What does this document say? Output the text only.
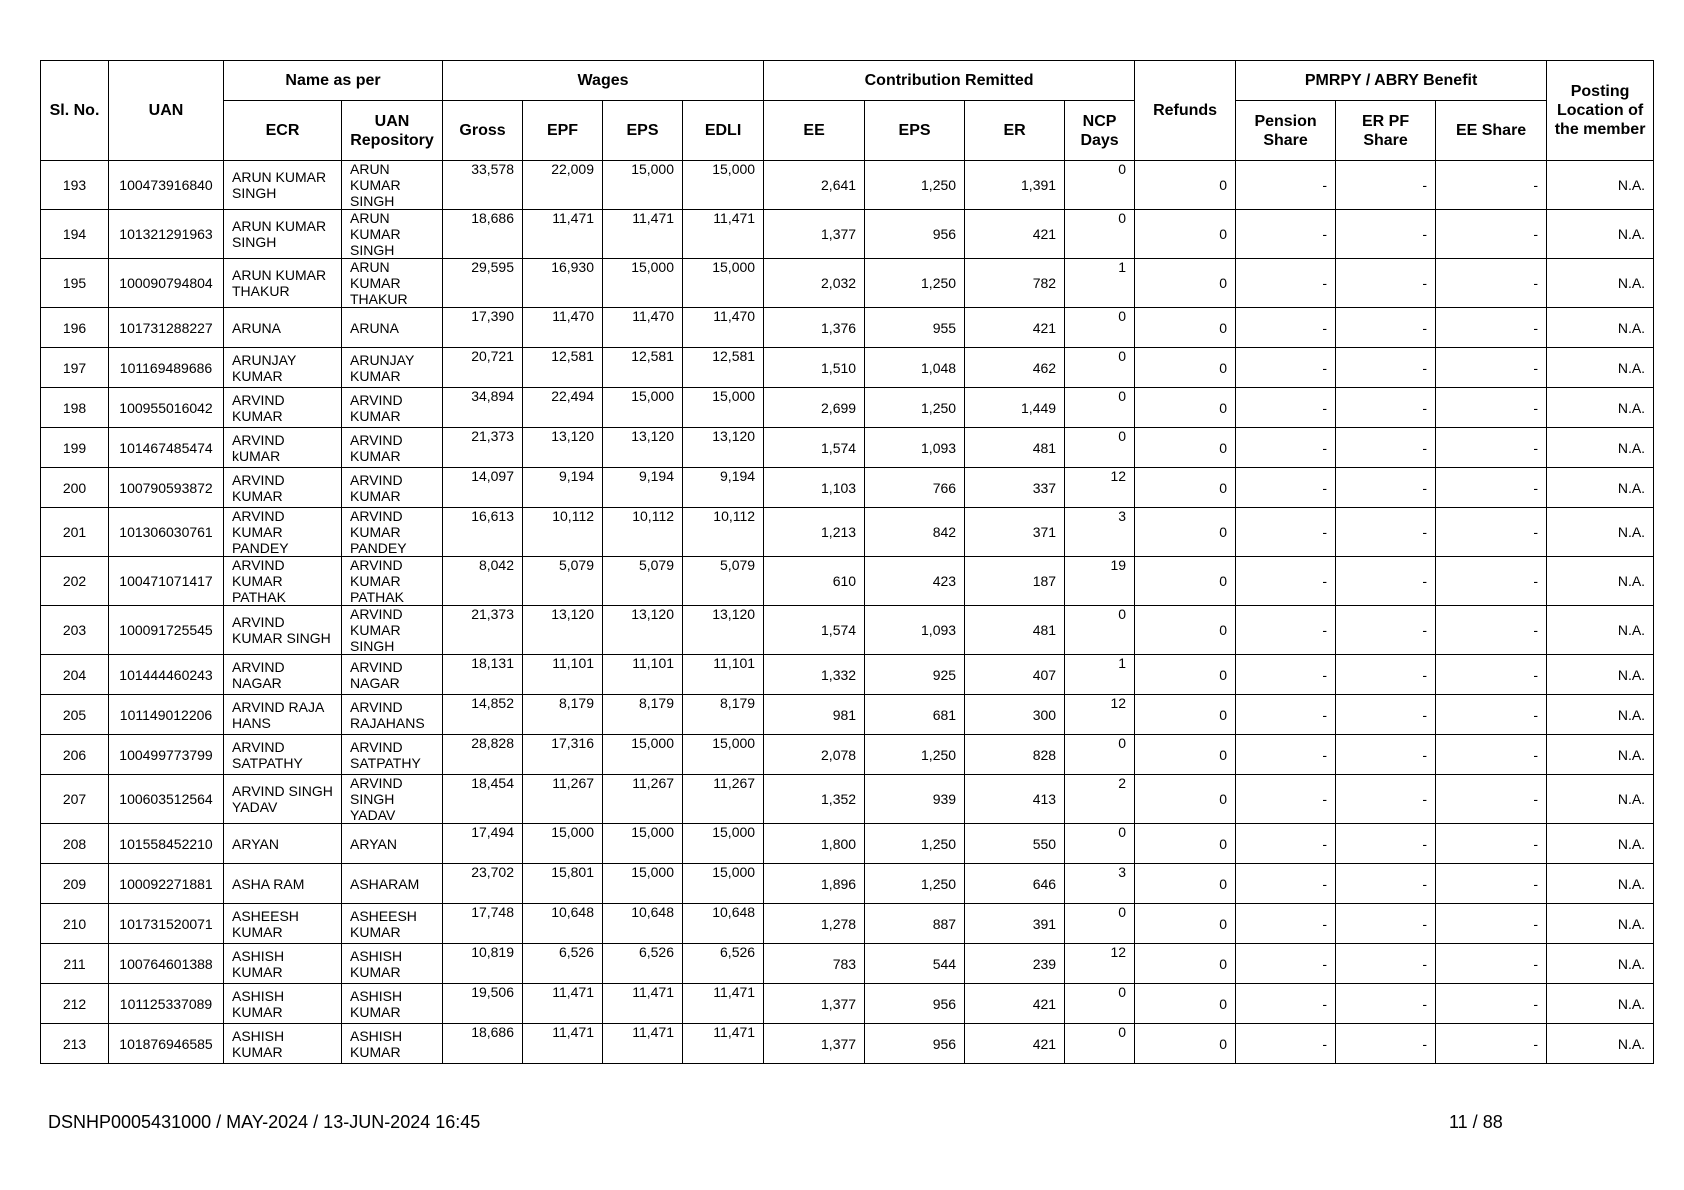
Sl. No.	UAN	Name as per		Wages				Contribution Remitted				Refunds	PMRPY / ABRY Benefit			Posting Location of the member
		ECR	UAN Repository	Gross	EPF	EPS	EDLI	EE	EPS	ER	NCP Days		Pension Share	ER PF Share	EE Share	
193	100473916840	ARUN KUMAR SINGH	ARUN KUMAR SINGH	33,578	22,009	15,000	15,000	2,641	1,250	1,391	0	0	-	-	-	N.A.
194	101321291963	ARUN KUMAR SINGH	ARUN KUMAR SINGH	18,686	11,471	11,471	11,471	1,377	956	421	0	0	-	-	-	N.A.
195	100090794804	ARUN KUMAR THAKUR	ARUN KUMAR THAKUR	29,595	16,930	15,000	15,000	2,032	1,250	782	1	0	-	-	-	N.A.
196	101731288227	ARUNA	ARUNA	17,390	11,470	11,470	11,470	1,376	955	421	0	0	-	-	-	N.A.
197	101169489686	ARUNJAY KUMAR	ARUNJAY KUMAR	20,721	12,581	12,581	12,581	1,510	1,048	462	0	0	-	-	-	N.A.
198	100955016042	ARVIND KUMAR	ARVIND KUMAR	34,894	22,494	15,000	15,000	2,699	1,250	1,449	0	0	-	-	-	N.A.
199	101467485474	ARVIND kUMAR	ARVIND KUMAR	21,373	13,120	13,120	13,120	1,574	1,093	481	0	0	-	-	-	N.A.
200	100790593872	ARVIND KUMAR	ARVIND KUMAR	14,097	9,194	9,194	9,194	1,103	766	337	12	0	-	-	-	N.A.
201	101306030761	ARVIND KUMAR PANDEY	ARVIND KUMAR PANDEY	16,613	10,112	10,112	10,112	1,213	842	371	3	0	-	-	-	N.A.
202	100471071417	ARVIND KUMAR PATHAK	ARVIND KUMAR PATHAK	8,042	5,079	5,079	5,079	610	423	187	19	0	-	-	-	N.A.
203	100091725545	ARVIND KUMAR SINGH	ARVIND KUMAR SINGH	21,373	13,120	13,120	13,120	1,574	1,093	481	0	0	-	-	-	N.A.
204	101444460243	ARVIND NAGAR	ARVIND NAGAR	18,131	11,101	11,101	11,101	1,332	925	407	1	0	-	-	-	N.A.
205	101149012206	ARVIND RAJA HANS	ARVIND RAJAHANS	14,852	8,179	8,179	8,179	981	681	300	12	0	-	-	-	N.A.
206	100499773799	ARVIND SATPATHY	ARVIND SATPATHY	28,828	17,316	15,000	15,000	2,078	1,250	828	0	0	-	-	-	N.A.
207	100603512564	ARVIND SINGH YADAV	ARVIND SINGH YADAV	18,454	11,267	11,267	11,267	1,352	939	413	2	0	-	-	-	N.A.
208	101558452210	ARYAN	ARYAN	17,494	15,000	15,000	15,000	1,800	1,250	550	0	0	-	-	-	N.A.
209	100092271881	ASHA RAM	ASHARAM	23,702	15,801	15,000	15,000	1,896	1,250	646	3	0	-	-	-	N.A.
210	101731520071	ASHEESH KUMAR	ASHEESH KUMAR	17,748	10,648	10,648	10,648	1,278	887	391	0	0	-	-	-	N.A.
211	100764601388	ASHISH KUMAR	ASHISH KUMAR	10,819	6,526	6,526	6,526	783	544	239	12	0	-	-	-	N.A.
212	101125337089	ASHISH KUMAR	ASHISH KUMAR	19,506	11,471	11,471	11,471	1,377	956	421	0	0	-	-	-	N.A.
213	101876946585	ASHISH KUMAR	ASHISH KUMAR	18,686	11,471	11,471	11,471	1,377	956	421	0	0	-	-	-	N.A.
DSNHP0005431000 / MAY-2024 / 13-JUN-2024 16:45	11 / 88
